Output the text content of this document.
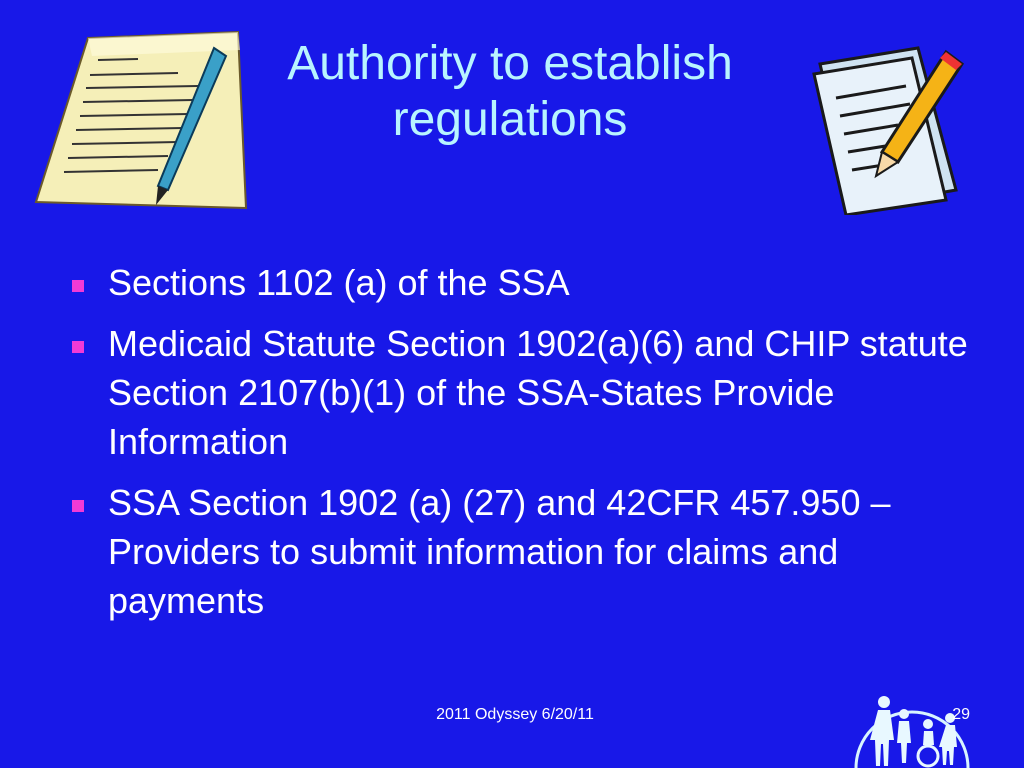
Authority to establish regulations
Sections 1102 (a) of the SSA
Medicaid Statute Section 1902(a)(6) and CHIP statute Section 2107(b)(1) of the SSA-States Provide Information
SSA Section 1902 (a) (27) and 42CFR 457.950 –Providers to submit information for claims and payments
2011 Odyssey 6/20/11	29
